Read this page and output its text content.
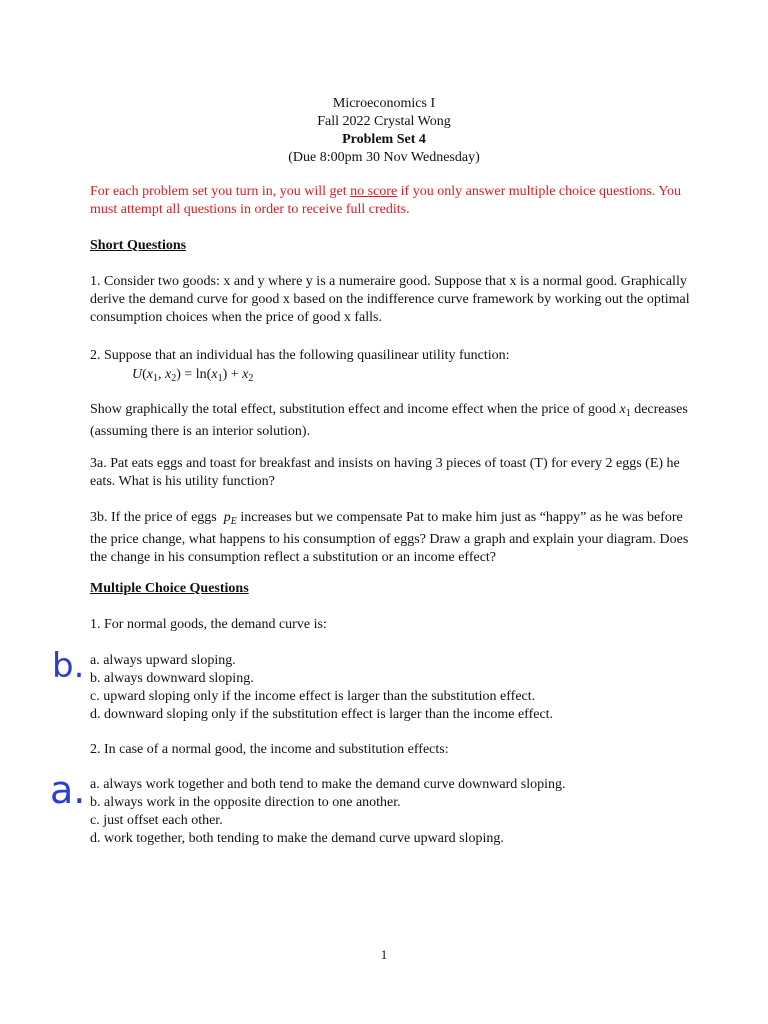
Microeconomics I
Fall 2022 Crystal Wong
Problem Set 4
(Due 8:00pm 30 Nov Wednesday)
For each problem set you turn in, you will get no score if you only answer multiple choice questions. You must attempt all questions in order to receive full credits.
Short Questions
1. Consider two goods: x and y where y is a numeraire good. Suppose that x is a normal good. Graphically derive the demand curve for good x based on the indifference curve framework by working out the optimal consumption choices when the price of good x falls.
2. Suppose that an individual has the following quasilinear utility function:
$U(x_1$, $x_2) = \ln(x_1) + x_2$
Show graphically the total effect, substitution effect and income effect when the price of good $x_1$ decreases (assuming there is an interior solution).
3a. Pat eats eggs and toast for breakfast and insists on having 3 pieces of toast (T) for every 2 eggs (E) he eats. What is his utility function?
3b. If the price of eggs $p_E$ increases but we compensate Pat to make him just as “happy” as he was before the price change, what happens to his consumption of eggs? Draw a graph and explain your diagram. Does the change in his consumption reflect a substitution or an income effect?
Multiple Choice Questions
1. For normal goods, the demand curve is:
a. always upward sloping.
b. always downward sloping.
c. upward sloping only if the income effect is larger than the substitution effect.
d. downward sloping only if the substitution effect is larger than the income effect.
b.
2. In case of a normal good, the income and substitution effects:
a. always work together and both tend to make the demand curve downward sloping.
b. always work in the opposite direction to one another.
c. just offset each other.
d. work together, both tending to make the demand curve upward sloping.
a.
1
